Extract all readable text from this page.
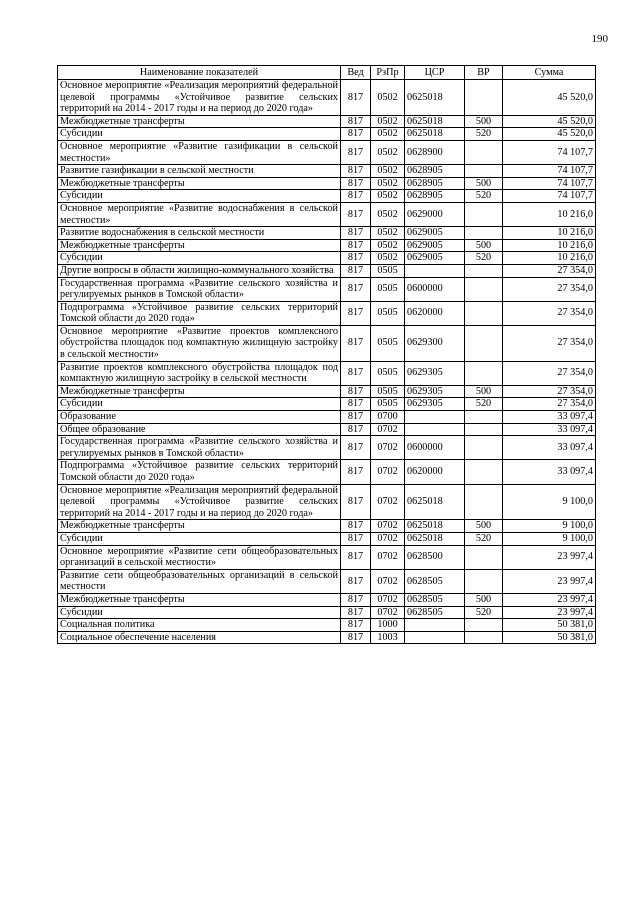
190
Наименование показателей	Вед	РзПр	ЦСР	ВР	Сумма
Основное мероприятие «Реализация мероприятий федеральной целевой программы «Устойчивое развитие сельских территорий на 2014 - 2017 годы и на период до 2020 года»	817	0502	0625018		45 520,0
Межбюджетные трансферты	817	0502	0625018	500	45 520,0
Субсидии	817	0502	0625018	520	45 520,0
Основное мероприятие «Развитие газификации в сельской местности»	817	0502	0628900		74 107,7
Развитие газификации в сельской местности	817	0502	0628905		74 107,7
Межбюджетные трансферты	817	0502	0628905	500	74 107,7
Субсидии	817	0502	0628905	520	74 107,7
Основное мероприятие «Развитие водоснабжения в сельской местности»	817	0502	0629000		10 216,0
Развитие водоснабжения в сельской местности	817	0502	0629005		10 216,0
Межбюджетные трансферты	817	0502	0629005	500	10 216,0
Субсидии	817	0502	0629005	520	10 216,0
Другие вопросы в области жилищно-коммунального хозяйства	817	0505			27 354,0
Государственная программа «Развитие сельского хозяйства и регулируемых рынков в Томской области»	817	0505	0600000		27 354,0
Подпрограмма «Устойчивое развитие сельских территорий Томской области до 2020 года»	817	0505	0620000		27 354,0
Основное мероприятие «Развитие проектов комплексного обустройства площадок под компактную жилищную застройку в сельской местности»	817	0505	0629300		27 354,0
Развитие проектов комплексного обустройства площадок под компактную жилищную застройку в сельской местности	817	0505	0629305		27 354,0
Межбюджетные трансферты	817	0505	0629305	500	27 354,0
Субсидии	817	0505	0629305	520	27 354,0
Образование	817	0700			33 097,4
Общее образование	817	0702			33 097,4
Государственная программа «Развитие сельского хозяйства и регулируемых рынков в Томской области»	817	0702	0600000		33 097,4
Подпрограмма «Устойчивое развитие сельских территорий Томской области до 2020 года»	817	0702	0620000		33 097,4
Основное мероприятие «Реализация мероприятий федеральной целевой программы «Устойчивое развитие сельских территорий на 2014 - 2017 годы и на период до 2020 года»	817	0702	0625018		9 100,0
Межбюджетные трансферты	817	0702	0625018	500	9 100,0
Субсидии	817	0702	0625018	520	9 100,0
Основное мероприятие «Развитие сети общеобразовательных организаций в сельской местности»	817	0702	0628500		23 997,4
Развитие сети общеобразовательных организаций в сельской местности	817	0702	0628505		23 997,4
Межбюджетные трансферты	817	0702	0628505	500	23 997,4
Субсидии	817	0702	0628505	520	23 997,4
Социальная политика	817	1000			50 381,0
Социальное обеспечение населения	817	1003			50 381,0
